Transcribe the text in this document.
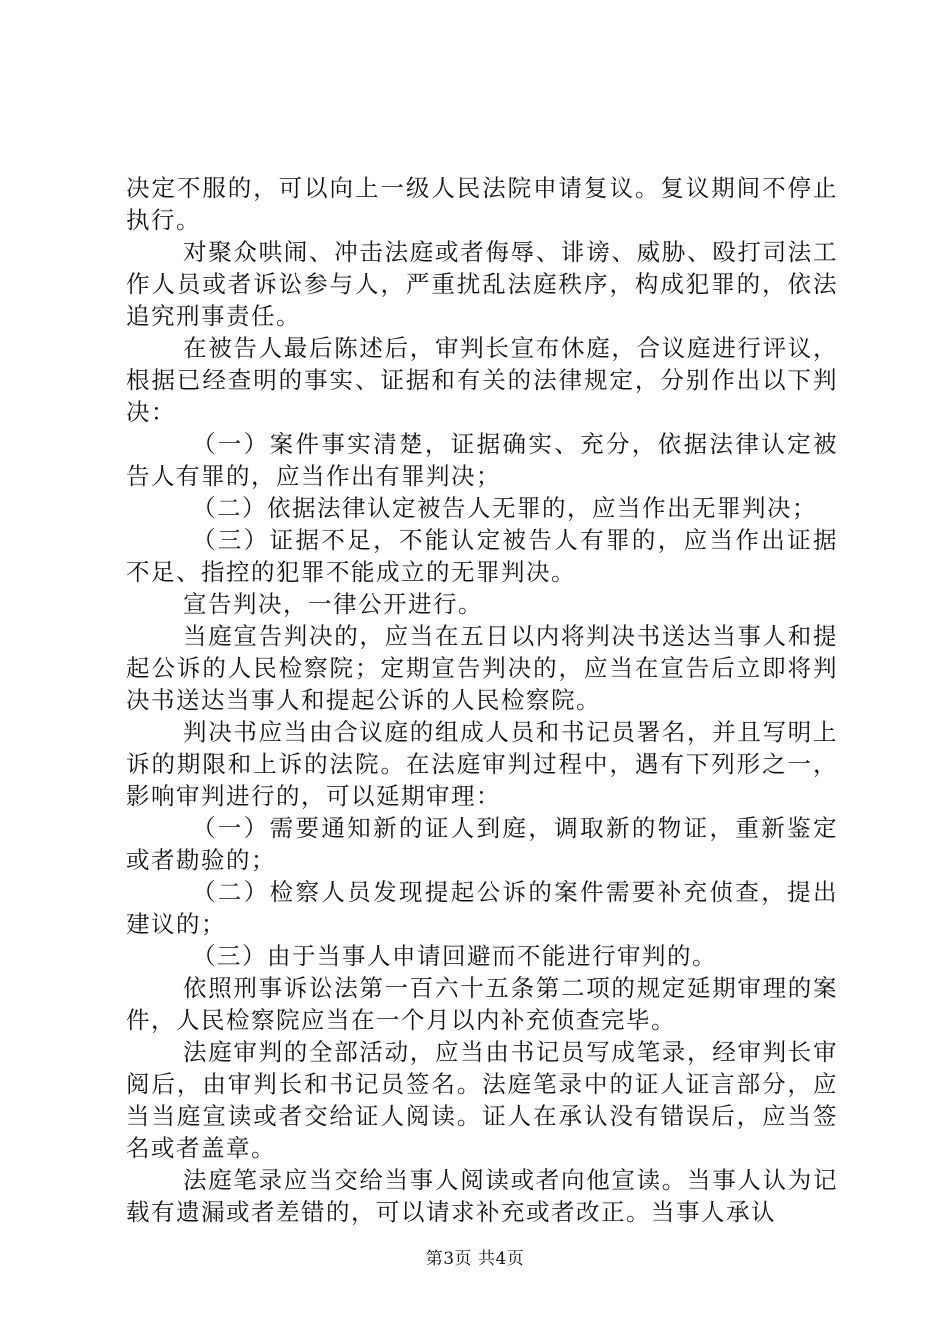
决定不服的，可以向上一级人民法院申请复议。复议期间不停止执行。

对聚众哄闹、冲击法庭或者侮辱、诽谤、威胁、殴打司法工作人员或者诉讼参与人，严重扰乱法庭秩序，构成犯罪的，依法追究刑事责任。

在被告人最后陈述后，审判长宣布休庭，合议庭进行评议，根据已经查明的事实、证据和有关的法律规定，分别作出以下判决：

（一）案件事实清楚，证据确实、充分，依据法律认定被告人有罪的，应当作出有罪判决；

（二）依据法律认定被告人无罪的，应当作出无罪判决；

（三）证据不足，不能认定被告人有罪的，应当作出证据不足、指控的犯罪不能成立的无罪判决。

宣告判决，一律公开进行。

当庭宣告判决的，应当在五日以内将判决书送达当事人和提起公诉的人民检察院；定期宣告判决的，应当在宣告后立即将判决书送达当事人和提起公诉的人民检察院。

判决书应当由合议庭的组成人员和书记员署名，并且写明上诉的期限和上诉的法院。在法庭审判过程中，遇有下列形之一，影响审判进行的，可以延期审理：

（一）需要通知新的证人到庭，调取新的物证，重新鉴定或者勘验的；

（二）检察人员发现提起公诉的案件需要补充侦查，提出建议的；

（三）由于当事人申请回避而不能进行审判的。

依照刑事诉讼法第一百六十五条第二项的规定延期审理的案件，人民检察院应当在一个月以内补充侦查完毕。

法庭审判的全部活动，应当由书记员写成笔录，经审判长审阅后，由审判长和书记员签名。法庭笔录中的证人证言部分，应当当庭宣读或者交给证人阅读。证人在承认没有错误后，应当签名或者盖章。

法庭笔录应当交给当事人阅读或者向他宣读。当事人认为记载有遗漏或者差错的，可以请求补充或者改正。当事人承认

第3页 共4页
